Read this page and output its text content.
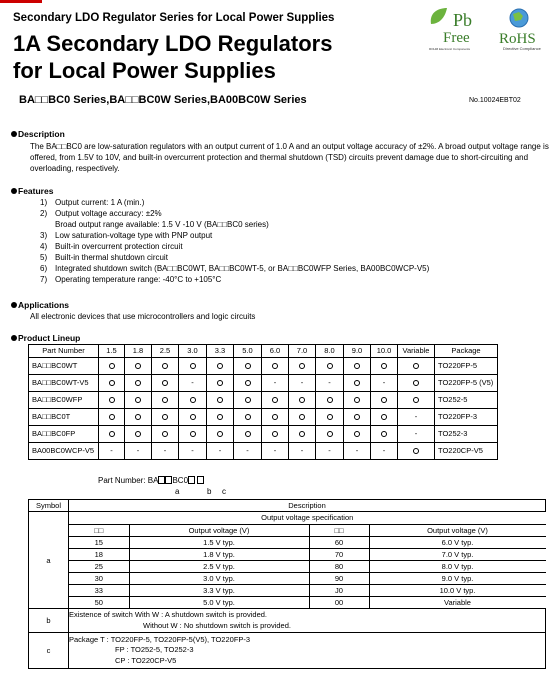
Secondary LDO Regulator Series for Local Power Supplies
1A Secondary LDO Regulators
for Local Power Supplies
Pb
Free
ROHM Electronic Components
RoHS
Directive Compliance
BA□□BC0 Series,BA□□BC0W Series,BA00BC0W Series	No.10024EBT02
Description
The BA□□BC0 are low-saturation regulators with an output current of 1.0 A and an output voltage accuracy of ±2%. A broad output voltage range is offered, from 1.5V to 10V, and built-in overcurrent protection and thermal shutdown (TSD) circuits prevent damage due to short-circuiting and overloading, respectively.
Features
1) Output current: 1 A (min.)
2) Output voltage accuracy: ±2%
Broad output range available: 1.5 V -10 V (BA□□BC0 series)
3) Low saturation-voltage type with PNP output
4) Built-in overcurrent protection circuit
5) Built-in thermal shutdown circuit
6) Integrated shutdown switch (BA□□BC0WT, BA□□BC0WT-5, or BA□□BC0WFP Series, BA00BC0WCP-V5)
7) Operating temperature range: -40°C to +105°C
Applications
All electronic devices that use microcontrollers and logic circuits
Product Lineup
Part Number	1.5	1.8	2.5	3.0	3.3	5.0	6.0	7.0	8.0	9.0	10.0	Variable	Package
BA□□BC0WT													TO220FP-5
BA□□BC0WT-V5				-			-	-	-		-		TO220FP-5 (V5)
BA□□BC0WFP													TO252-5
BA□□BC0T												-	TO220FP-3
BA□□BC0FP												-	TO252-3
BA00BC0WCP-V5	-	-	-	-	-	-	-	-	-	-	-		TO220CP-V5
Part Number: BA BC0
a	b c
Symbol	Description
a	
Output voltage specification
□□	Output voltage (V)	□□	Output voltage (V)
15	1.5 V typ.	60	6.0 V typ.
18	1.8 V typ.	70	7.0 V typ.
25	2.5 V typ.	80	8.0 V typ.
30	3.0 V typ.	90	9.0 V typ.
33	3.3 V typ.	J0	10.0 V typ.
50	5.0 V typ.	00	Variable

b	
Existence of switch With W : A shutdown switch is provided.
Without W : No shutdown switch is provided.

c	
Package T : TO220FP-5, TO220FP-5(V5), TO220FP-3
FP : TO252-5, TO252-3
CP : TO220CP-V5
